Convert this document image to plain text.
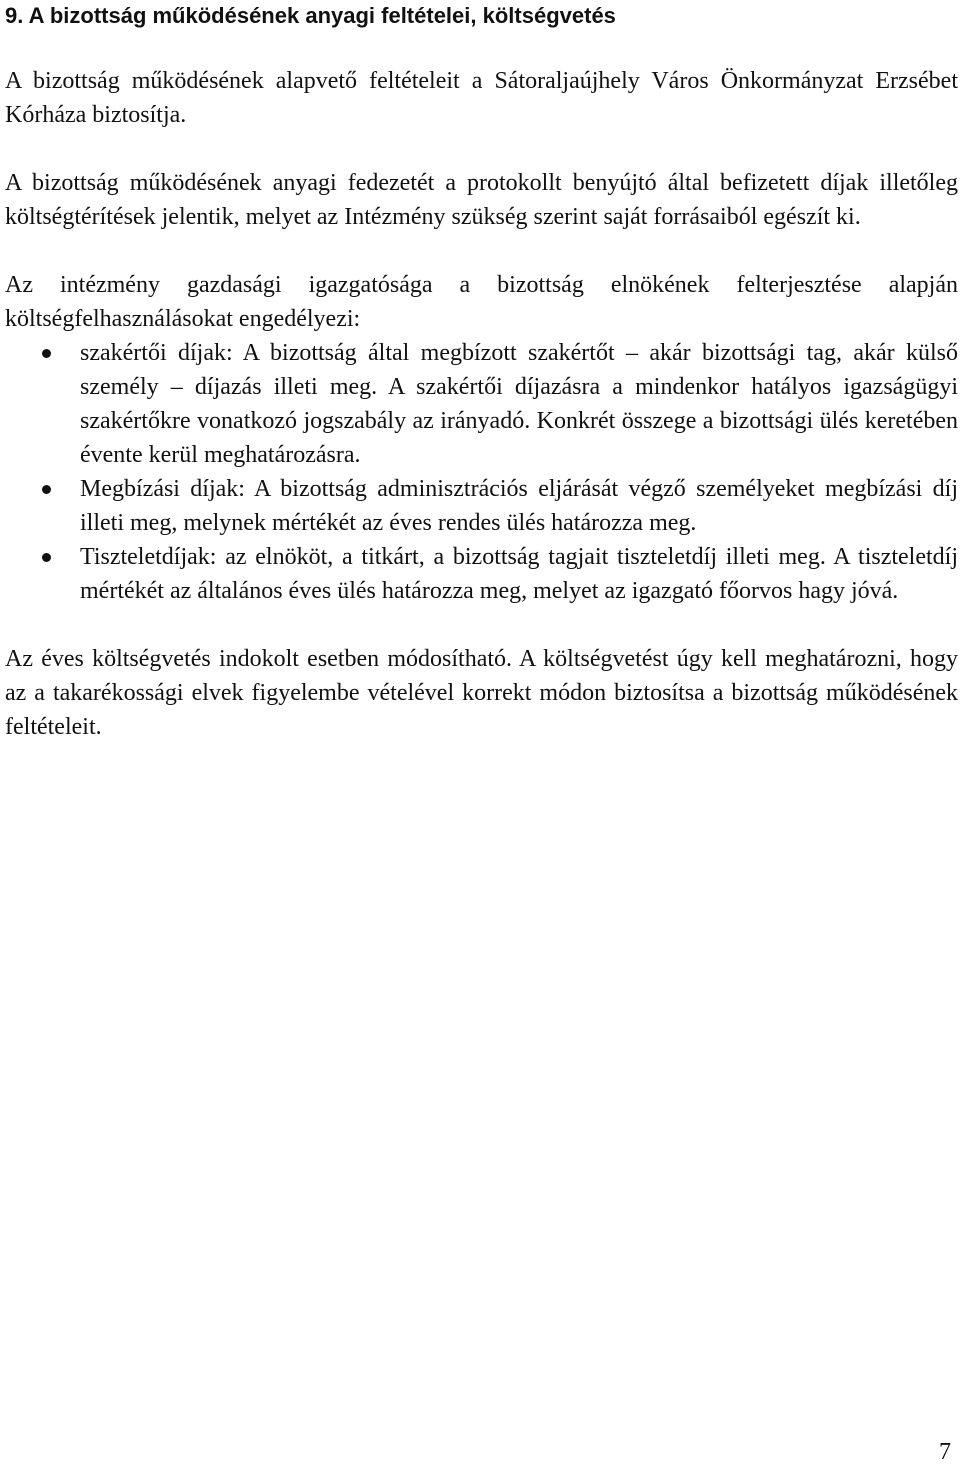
9. A bizottság működésének anyagi feltételei, költségvetés

A bizottság működésének alapvető feltételeit a Sátoraljaújhely Város Önkormányzat Erzsébet Kórháza biztosítja.

A bizottság működésének anyagi fedezetét a protokollt benyújtó által befizetett díjak illetőleg költségtérítések jelentik, melyet az Intézmény szükség szerint saját forrásaiból egészít ki.

Az intézmény gazdasági igazgatósága a bizottság elnökének felterjesztése alapján költségfelhasználásokat engedélyezi:

szakértői díjak: A bizottság által megbízott szakértőt – akár bizottsági tag, akár külső személy – díjazás illeti meg. A szakértői díjazásra a mindenkor hatályos igazságügyi szakértőkre vonatkozó jogszabály az irányadó. Konkrét összege a bizottsági ülés keretében évente kerül meghatározásra.
Megbízási díjak: A bizottság adminisztrációs eljárását végző személyeket megbízási díj illeti meg, melynek mértékét az éves rendes ülés határozza meg.
Tiszteletdíjak: az elnököt, a titkárt, a bizottság tagjait tiszteletdíj illeti meg. A tiszteletdíj mértékét az általános éves ülés határozza meg, melyet az igazgató főorvos hagy jóvá.

Az éves költségvetés indokolt esetben módosítható. A költségvetést úgy kell meghatározni, hogy az a takarékossági elvek figyelembe vételével korrekt módon biztosítsa a bizottság működésének feltételeit.

7
